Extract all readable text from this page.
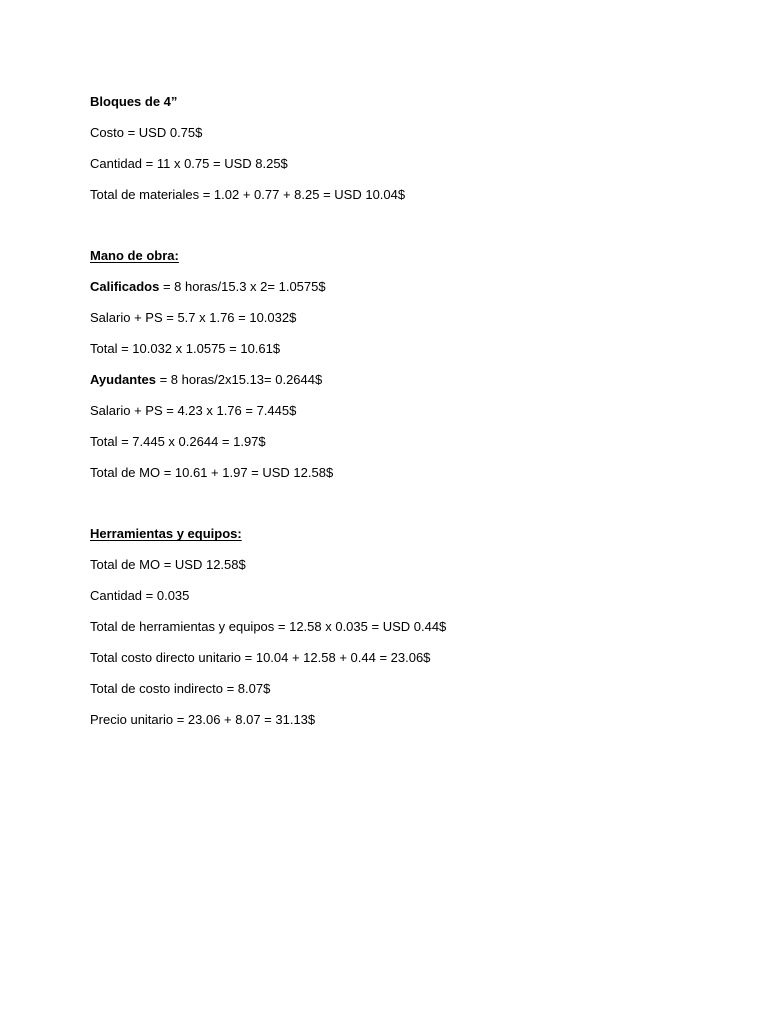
Bloques de 4”
Costo = USD 0.75$
Cantidad = 11 x 0.75 = USD 8.25$
Total de materiales = 1.02 + 0.77 + 8.25 = USD 10.04$
Mano de obra:
Calificados = 8 horas/15.3 x 2= 1.0575$
Salario + PS = 5.7 x 1.76 = 10.032$
Total = 10.032 x 1.0575 = 10.61$
Ayudantes = 8 horas/2x15.13= 0.2644$
Salario + PS = 4.23 x 1.76 = 7.445$
Total = 7.445 x 0.2644 = 1.97$
Total de MO = 10.61 + 1.97 = USD 12.58$
Herramientas y equipos:
Total de MO = USD 12.58$
Cantidad = 0.035
Total de herramientas y equipos = 12.58 x 0.035 = USD 0.44$
Total costo directo unitario = 10.04 + 12.58 + 0.44 = 23.06$
Total de costo indirecto = 8.07$
Precio unitario = 23.06 + 8.07 = 31.13$
